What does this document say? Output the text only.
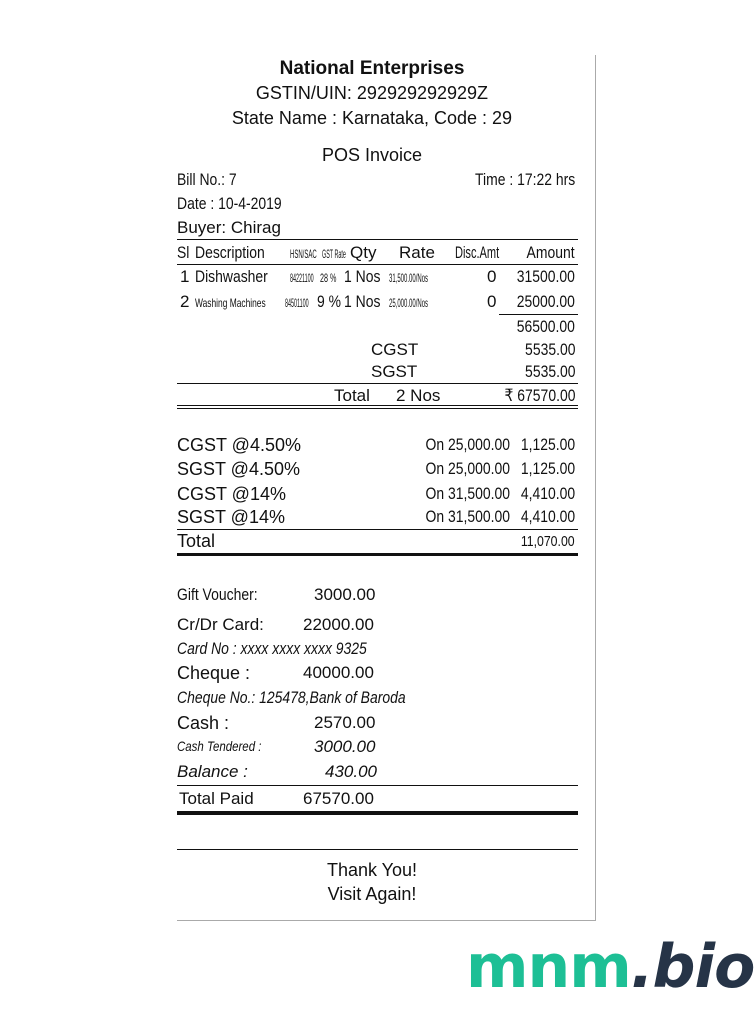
National Enterprises
GSTIN/UIN: 292929292929Z
State Name : Karnataka, Code : 29
POS Invoice
Bill No.: 7	Time : 17:22 hrs
Date : 10-4-2019
Buyer: Chirag
Sl Description HSN/SAC GST Rate Qty Rate Disc.Amt Amount
1 Dishwasher 84221100 28 % 1 Nos 31,500.00/Nos	0 31500.00
2 Washing Machines 84501100 9 % 1 Nos 25,000.00/Nos	0 25000.00
56500.00
CGST	5535.00
SGST	5535.00
Total 2 Nos	₹ 67570.00
CGST @4.50%	On 25,000.00 1,125.00
SGST @4.50%	On 25,000.00 1,125.00
CGST @14%	On 31,500.00 4,410.00
SGST @14%	On 31,500.00 4,410.00
Total	11,070.00
Gift Voucher:	3000.00
Cr/Dr Card: 22000.00
Card No : xxxx xxxx xxxx 9325
Cheque :	40000.00
Cheque No.: 125478,Bank of Baroda
Cash :	2570.00
Cash Tendered :	3000.00
Balance :	430.00
Total Paid	67570.00
Thank You!
Visit Again!
mnm.bio
